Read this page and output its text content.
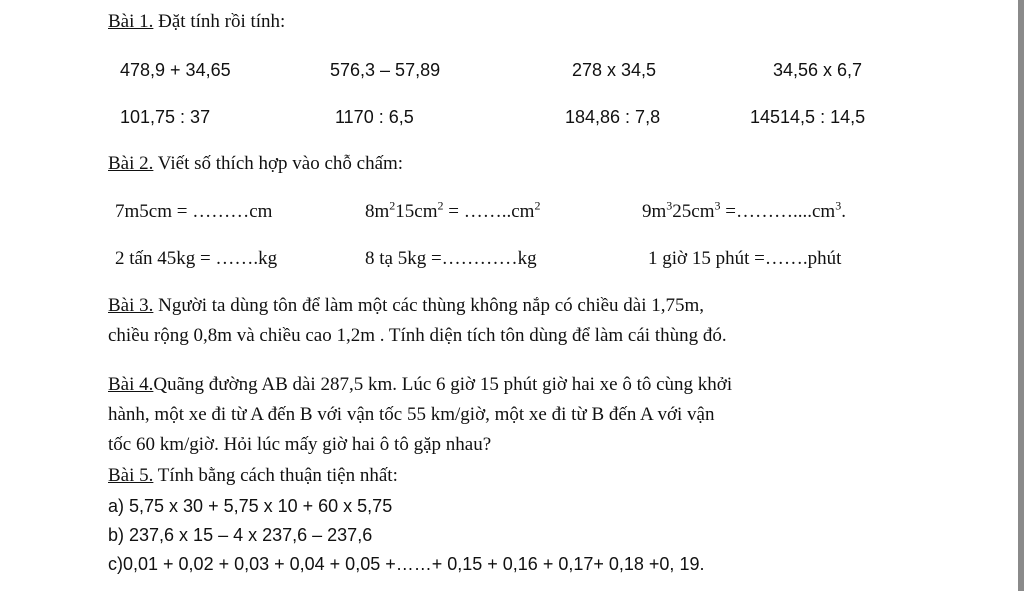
Bài 1. Đặt tính rồi tính:
478,9 + 34,65	576,3 – 57,89	278 x 34,5	34,56 x 6,7
101,75 : 37	1170 : 6,5	184,86 : 7,8	14514,5 : 14,5
Bài 2. Viết số thích hợp vào chỗ chấm:
7m5cm = ………cm	$8m^215cm^2$ = $\dots\dots..cm^2$	$9m^325cm^3$ $=\dots\dots\dots....cm^3$.
2 tấn 45kg = …….kg	8 tạ 5kg =…………kg	1 giờ 15 phút =…….phút
Bài 3. Người ta dùng tôn để làm một các thùng không nắp có chiều dài 1,75m,
chiều rộng 0,8m và chiều cao 1,2m . Tính diện tích tôn dùng để làm cái thùng đó.
Bài 4.Quãng đường AB dài 287,5 km. Lúc 6 giờ 15 phút giờ hai xe ô tô cùng khởi
hành, một xe đi từ A đến B với vận tốc 55 km/giờ, một xe đi từ B đến A với vận
tốc 60 km/giờ. Hỏi lúc mấy giờ hai ô tô gặp nhau?
Bài 5. Tính bằng cách thuận tiện nhất:
a) 5,75 x 30 + 5,75 x 10 + 60 x 5,75
b) 237,6 x 15 – 4 x 237,6 – 237,6
c)0,01 + 0,02 + 0,03 + 0,04 + 0,05 +……+ 0,15 + 0,16 + 0,17+ 0,18 +0, 19.
